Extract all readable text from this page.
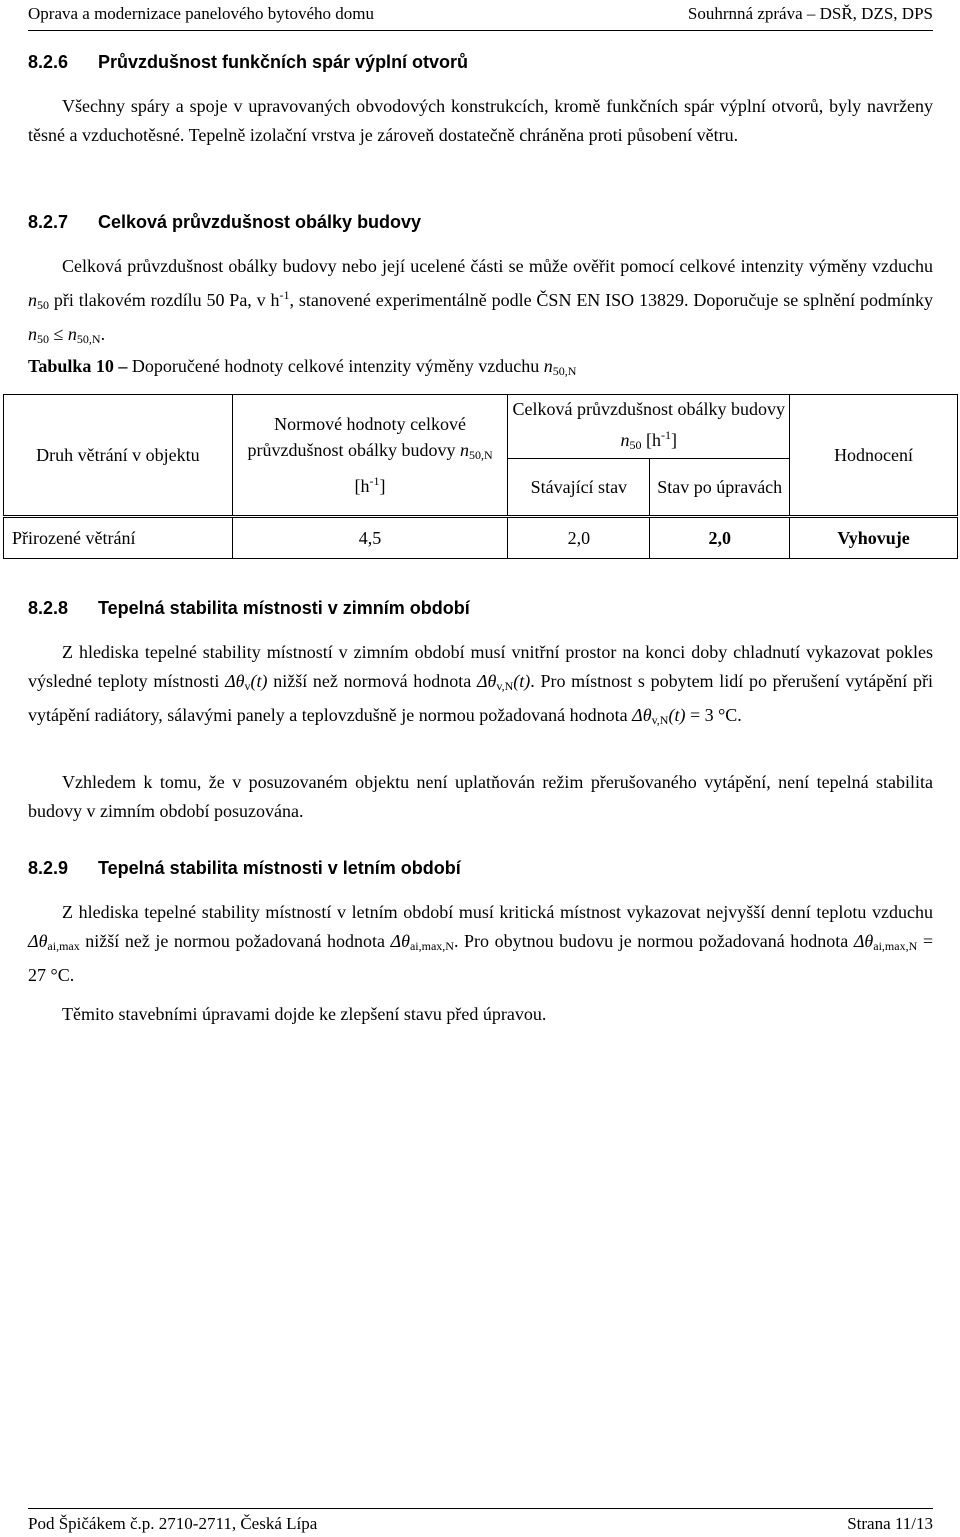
Oprava a modernizace panelového bytového domu	Souhrnná zpráva – DSŘ, DZS, DPS
8.2.6 Průvzdušnost funkčních spár výplní otvorů
Všechny spáry a spoje v upravovaných obvodových konstrukcích, kromě funkčních spár výplní otvorů, byly navrženy těsné a vzduchotěsné. Tepelně izolační vrstva je zároveň dostatečně chráněna proti působení větru.
8.2.7 Celková průvzdušnost obálky budovy
Celková průvzdušnost obálky budovy nebo její ucelené části se může ověřit pomocí celkové intenzity výměny vzduchu $n_{50}$ při tlakovém rozdílu 50 Pa, v $h^{-1}$, stanovené experimentálně podle ČSN EN ISO 13829. Doporučuje se splnění podmínky $n_{50} \le n_{50,N}$.
Tabulka 10 – Doporučené hodnoty celkové intenzity výměny vzduchu $n_{50,N}$
Druh větrání v objektu	Normové hodnoty celkové průvzdušnost obálky budovy $n_{50,N}$ $[h^{-1}]$	Celková průvzdušnost obálky budovy $n_{50}$ $[h^{-1}]$		Hodnocení
		Stávající stav	Stav po úpravách	
Přirozené větrání	4,5	2,0	2,0	Vyhovuje
8.2.8 Tepelná stabilita místnosti v zimním období
Z hlediska tepelné stability místností v zimním období musí vnitřní prostor na konci doby chladnutí vykazovat pokles výsledné teploty místnosti $\Delta\theta_v(t)$ nižší než normová hodnota $\Delta\theta_{v,N}(t)$. Pro místnost s pobytem lidí po přerušení vytápění při vytápění radiátory, sálavými panely a teplovzdušně je normou požadovaná hodnota $\Delta\theta_{v,N}(t) = 3$ °C.
Vzhledem k tomu, že v posuzovaném objektu není uplatňován režim přerušovaného vytápění, není tepelná stabilita budovy v zimním období posuzována.
8.2.9 Tepelná stabilita místnosti v letním období
Z hlediska tepelné stability místností v letním období musí kritická místnost vykazovat nejvyšší denní teplotu vzduchu $\Delta\theta_{ai,max}$ nižší než je normou požadovaná hodnota $\Delta\theta_{ai,max,N}$. Pro obytnou budovu je normou požadovaná hodnota $\Delta\theta_{ai,max,N} = 27$ °C.
Těmito stavebními úpravami dojde ke zlepšení stavu před úpravou.
Pod Špičákem č.p. 2710-2711, Česká Lípa	Strana 11/13
